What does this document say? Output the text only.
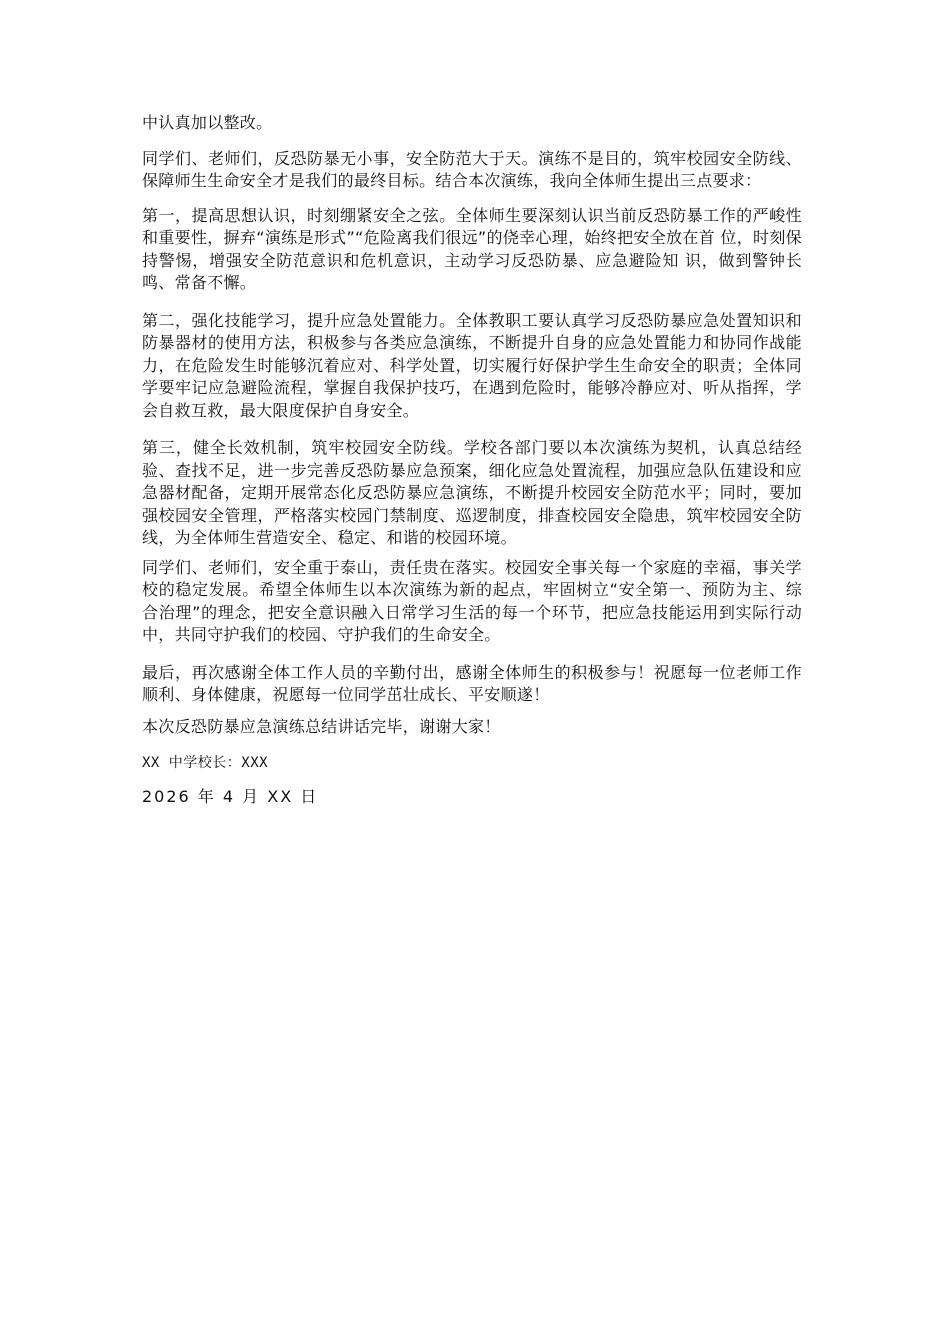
中认真加以整改。

同学们、老师们，反恐防暴无小事，安全防范大于天。演练不是目的，筑牢校园安全防线、保障师生生命安全才是我们的最终目标。结合本次演练，我向全体师生提出三点要求：

第一，提高思想认识，时刻绷紧安全之弦。全体师生要深刻认识当前反恐防暴工作的严峻性和重要性，摒弃“演练是形式”“危险离我们很远”的侥幸心理，始终把安全放在首 位，时刻保持警惕，增强安全防范意识和危机意识，主动学习反恐防暴、应急避险知 识，做到警钟长鸣、常备不懈。

第二，强化技能学习，提升应急处置能力。全体教职工要认真学习反恐防暴应急处置知识和防暴器材的使用方法，积极参与各类应急演练，不断提升自身的应急处置能力和协同作战能力，在危险发生时能够沉着应对、科学处置，切实履行好保护学生生命安全的职责；全体同学要牢记应急避险流程，掌握自我保护技巧，在遇到危险时，能够冷静应对、听从指挥，学会自救互救，最大限度保护自身安全。

第三，健全长效机制，筑牢校园安全防线。学校各部门要以本次演练为契机，认真总结经验、查找不足，进一步完善反恐防暴应急预案，细化应急处置流程，加强应急队伍建设和应急器材配备，定期开展常态化反恐防暴应急演练，不断提升校园安全防范水平；同时，要加强校园安全管理，严格落实校园门禁制度、巡逻制度，排查校园安全隐患，筑牢校园安全防线，为全体师生营造安全、稳定、和谐的校园环境。

同学们、老师们，安全重于泰山，责任贵在落实。校园安全事关每一个家庭的幸福，事关学校的稳定发展。希望全体师生以本次演练为新的起点，牢固树立“安全第一、预防为主、综合治理”的理念，把安全意识融入日常学习生活的每一个环节，把应急技能运用到实际行动中，共同守护我们的校园、守护我们的生命安全。

最后，再次感谢全体工作人员的辛勤付出，感谢全体师生的积极参与！祝愿每一位老师工作顺利、身体健康，祝愿每一位同学茁壮成长、平安顺遂！

本次反恐防暴应急演练总结讲话完毕，谢谢大家！

XX 中学校长：XXX

2026 年 4 月 XX 日
